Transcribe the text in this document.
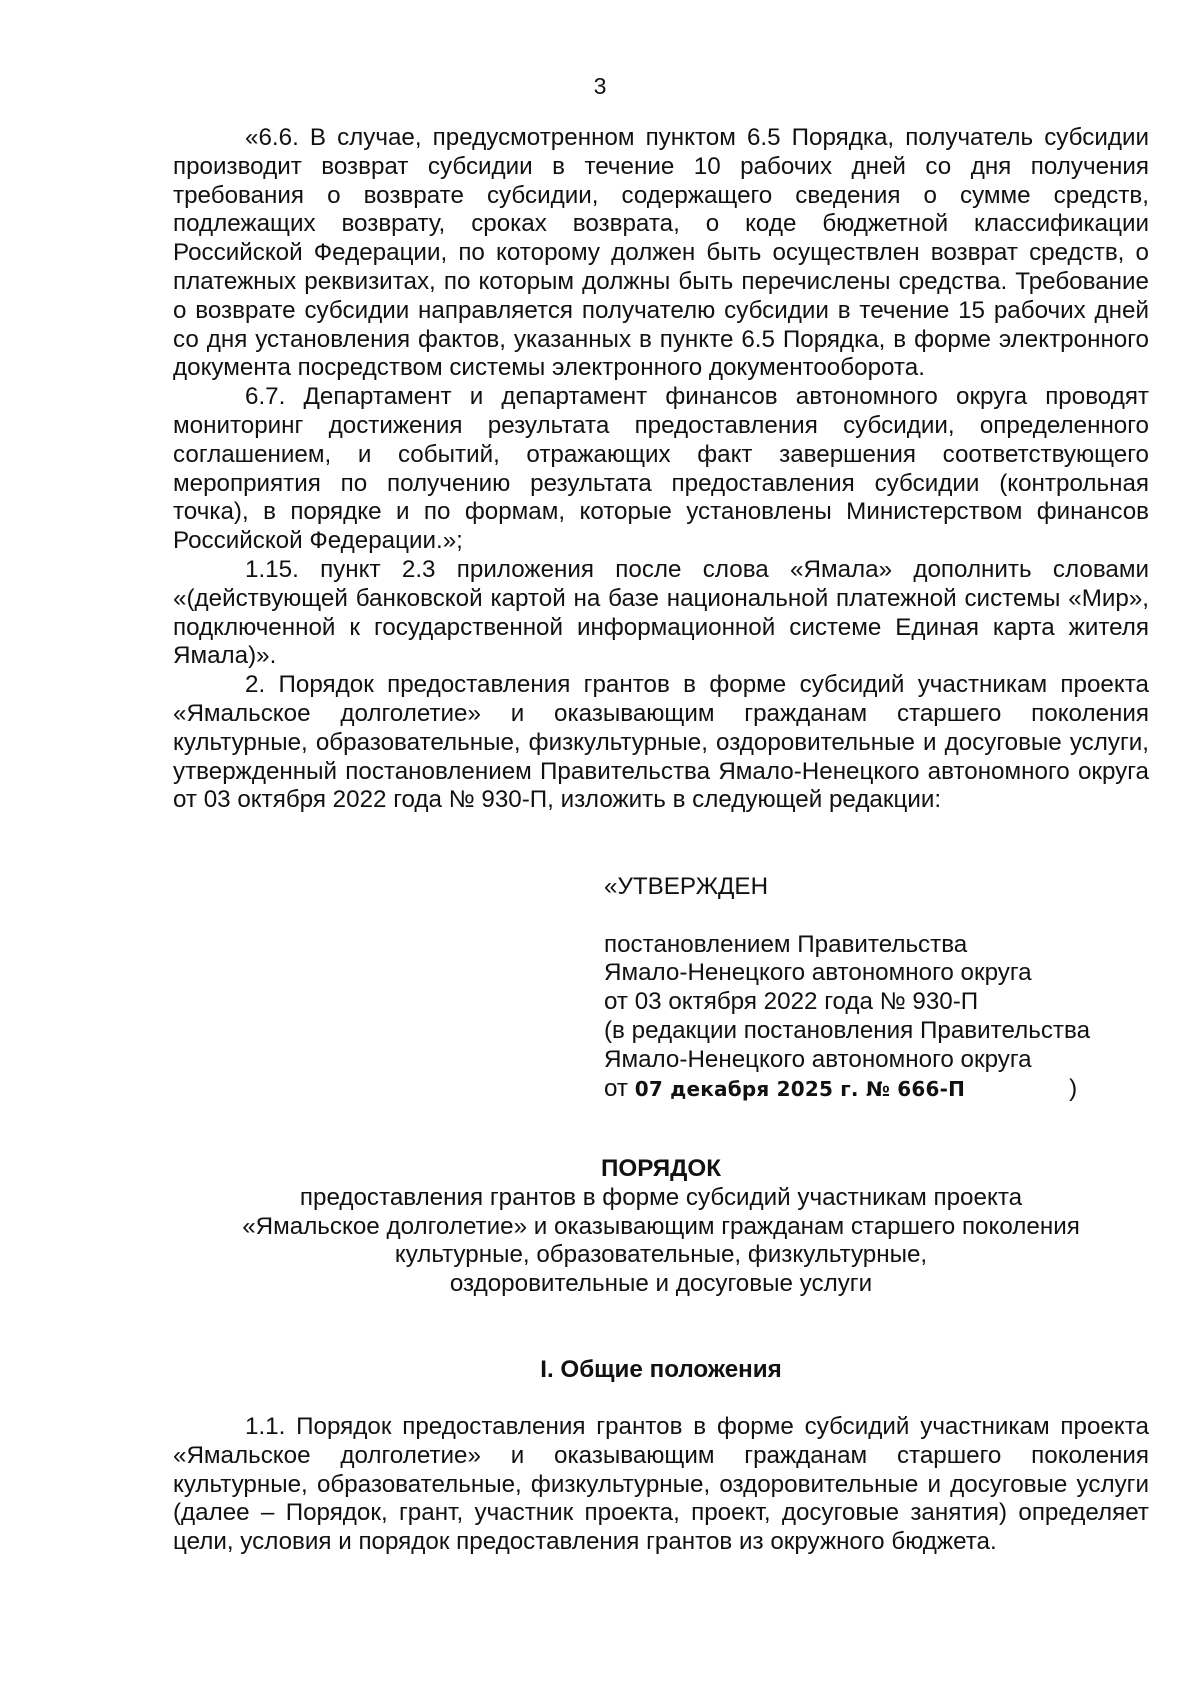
3

«6.6. В случае, предусмотренном пунктом 6.5 Порядка, получатель субсидии производит возврат субсидии в течение 10 рабочих дней со дня получения требования о возврате субсидии, содержащего сведения о сумме средств, подлежащих возврату, сроках возврата, о коде бюджетной классификации Российской Федерации, по которому должен быть осуществлен возврат средств, о платежных реквизитах, по которым должны быть перечислены средства. Требование о возврате субсидии направляется получателю субсидии в течение 15 рабочих дней со дня установления фактов, указанных в пункте 6.5 Порядка, в форме электронного документа посредством системы электронного документооборота.

6.7. Департамент и департамент финансов автономного округа проводят мониторинг достижения результата предоставления субсидии, определенного соглашением, и событий, отражающих факт завершения соответствующего мероприятия по получению результата предоставления субсидии (контрольная точка), в порядке и по формам, которые установлены Министерством финансов Российской Федерации.»;

1.15. пункт 2.3 приложения после слова «Ямала» дополнить словами «(действующей банковской картой на базе национальной платежной системы «Мир», подключенной к государственной информационной системе Единая карта жителя Ямала)».

2. Порядок предоставления грантов в форме субсидий участникам проекта «Ямальское долголетие» и оказывающим гражданам старшего поколения культурные, образовательные, физкультурные, оздоровительные и досуговые услуги, утвержденный постановлением Правительства Ямало-Ненецкого автономного округа от 03 октября 2022 года № 930-П, изложить в следующей редакции:

«УТВЕРЖДЕН
постановлением Правительства
Ямало-Ненецкого автономного округа
от 03 октября 2022 года № 930-П
(в редакции постановления Правительства
Ямало-Ненецкого автономного округа
от 07 декабря 2025 г. № 666-П	)
ПОРЯДОК
предоставления грантов в форме субсидий участникам проекта
«Ямальское долголетие» и оказывающим гражданам старшего поколения
культурные, образовательные, физкультурные,
оздоровительные и досуговые услуги
I. Общие положения

1.1. Порядок предоставления грантов в форме субсидий участникам проекта «Ямальское долголетие» и оказывающим гражданам старшего поколения культурные, образовательные, физкультурные, оздоровительные и досуговые услуги (далее – Порядок, грант, участник проекта, проект, досуговые занятия) определяет цели, условия и порядок предоставления грантов из окружного бюджета.
